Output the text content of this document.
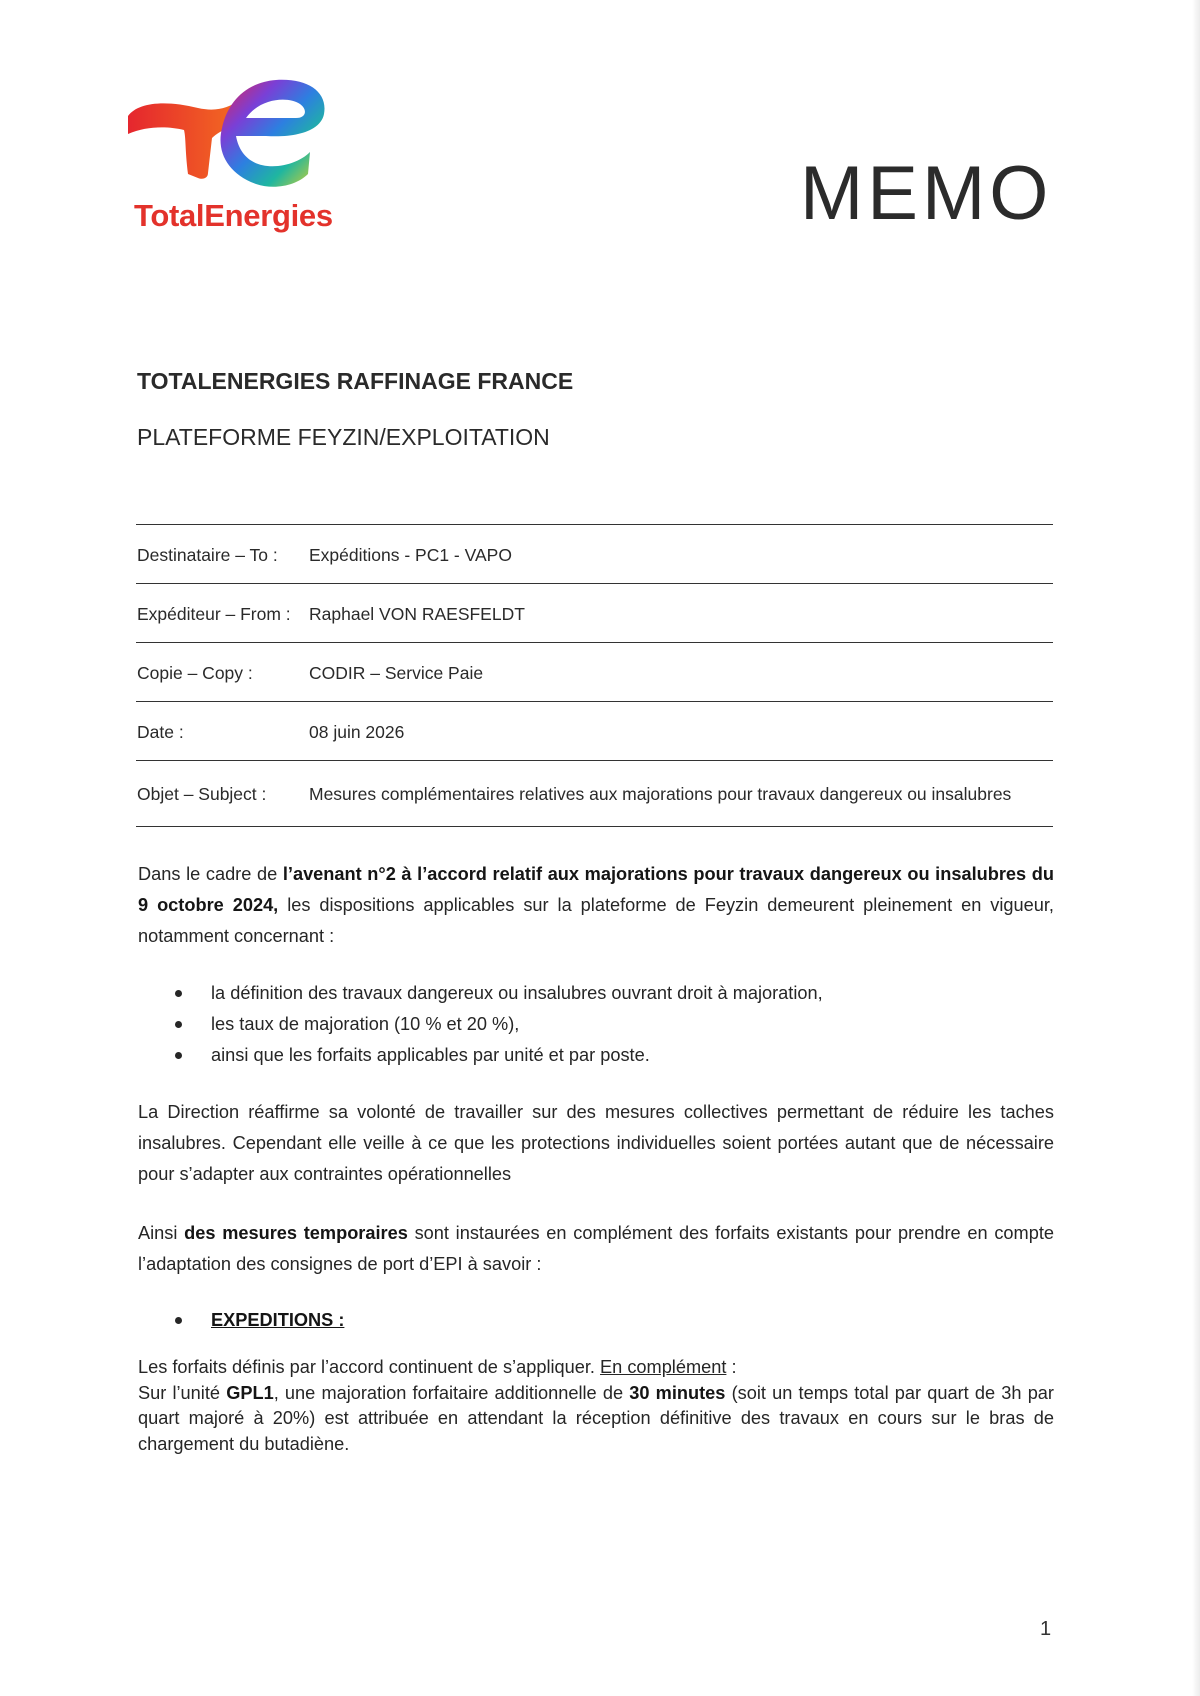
TotalEnergies	MEMO
TOTALENERGIES RAFFINAGE FRANCE
PLATEFORME FEYZIN/EXPLOITATION
Destinataire – To : Expéditions - PC1 - VAPO
Expéditeur – From : Raphael VON RAESFELDT
Copie – Copy :	CODIR – Service Paie
Date :	08 juin 2026
Objet – Subject : Mesures complémentaires relatives aux majorations pour travaux dangereux ou insalubres
Dans le cadre de l’avenant n°2 à l’accord relatif aux majorations pour travaux dangereux ou insalubres du 9 octobre 2024, les dispositions applicables sur la plateforme de Feyzin demeurent pleinement en vigueur, notamment concernant :
la définition des travaux dangereux ou insalubres ouvrant droit à majoration,
les taux de majoration (10 % et 20 %),
ainsi que les forfaits applicables par unité et par poste.
La Direction réaffirme sa volonté de travailler sur des mesures collectives permettant de réduire les taches insalubres. Cependant elle veille à ce que les protections individuelles soient portées autant que de nécessaire pour s’adapter aux contraintes opérationnelles
Ainsi des mesures temporaires sont instaurées en complément des forfaits existants pour prendre en compte l’adaptation des consignes de port d’EPI à savoir :
EXPEDITIONS :
Les forfaits définis par l’accord continuent de s’appliquer. En complément :
Sur l’unité GPL1, une majoration forfaitaire additionnelle de 30 minutes (soit un temps total par quart de 3h par quart majoré à 20%) est attribuée en attendant la réception définitive des travaux en cours sur le bras de chargement du butadiène.
1
